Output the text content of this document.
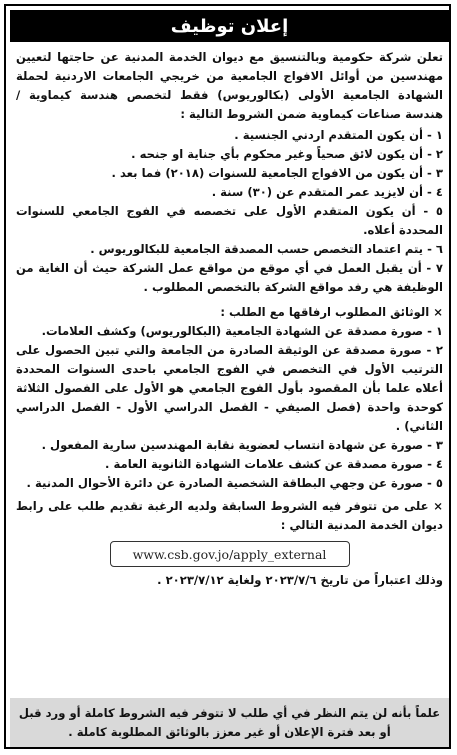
إعلان توظيف

تعلن شركة حكومية وبالتنسيق مع ديوان الخدمة المدنية عن حاجتها لتعيين مهندسين من أوائل الافواج الجامعية من خريجي الجامعات الاردنية لحملة الشهادة الجامعية الأولى (بكالوريوس) فقط لتخصص هندسة كيماوية / هندسة صناعات كيماوية ضمن الشروط التالية :

١ - أن يكون المتقدم اردني الجنسية .
٢ - أن يكون لائق صحياً وغير محكوم بأي جناية او جنحه .
٣ - أن يكون من الافواج الجامعية للسنوات (٢٠١٨) فما بعد .
٤ - أن لايزيد عمر المتقدم عن (٣٠) سنة .
٥ - أن يكون المتقدم الأول على تخصصه في الفوج الجامعي للسنوات المحددة أعلاه.
٦ - يتم اعتماد التخصص حسب المصدقة الجامعية للبكالوريوس .
٧ - أن يقبل العمل في أي موقع من مواقع عمل الشركة حيث أن الغاية من الوظيفة هي رفد مواقع الشركة بالتخصص المطلوب .
× الوثائق المطلوب ارفاقها مع الطلب :
١ - صورة مصدقة عن الشهادة الجامعية (البكالوريوس) وكشف العلامات.
٢ - صورة مصدقة عن الوثيقة الصادرة من الجامعة والتي تبين الحصول على الترتيب الأول في التخصص في الفوج الجامعي باحدى السنوات المحددة أعلاه علما بأن المقصود بأول الفوج الجامعي هو الأول على الفصول الثلاثة كوحدة واحدة (فصل الصيفي - الفصل الدراسي الأول - الفصل الدراسي الثاني) .
٣ - صورة عن شهادة انتساب لعضوية نقابة المهندسين سارية المفعول .
٤ - صورة مصدقة عن كشف علامات الشهادة الثانوية العامة .
٥ - صورة عن وجهي البطاقة الشخصية الصادرة عن دائرة الأحوال المدنية .
× على من تتوفر فيه الشروط السابقة ولديه الرغبة تقديم طلب على رابط ديوان الخدمة المدنية التالي :
www.csb.gov.jo/apply_external
وذلك اعتباراً من تاريخ ٢٠٢٣/٧/٦ ولغاية ٢٠٢٣/٧/١٢ .
علماً بأنه لن يتم النظر في أي طلب لا تتوفر فيه الشروط كاملة أو ورد قبل أو بعد فترة الإعلان أو غير معزز بالوثائق المطلوبة كاملة .
